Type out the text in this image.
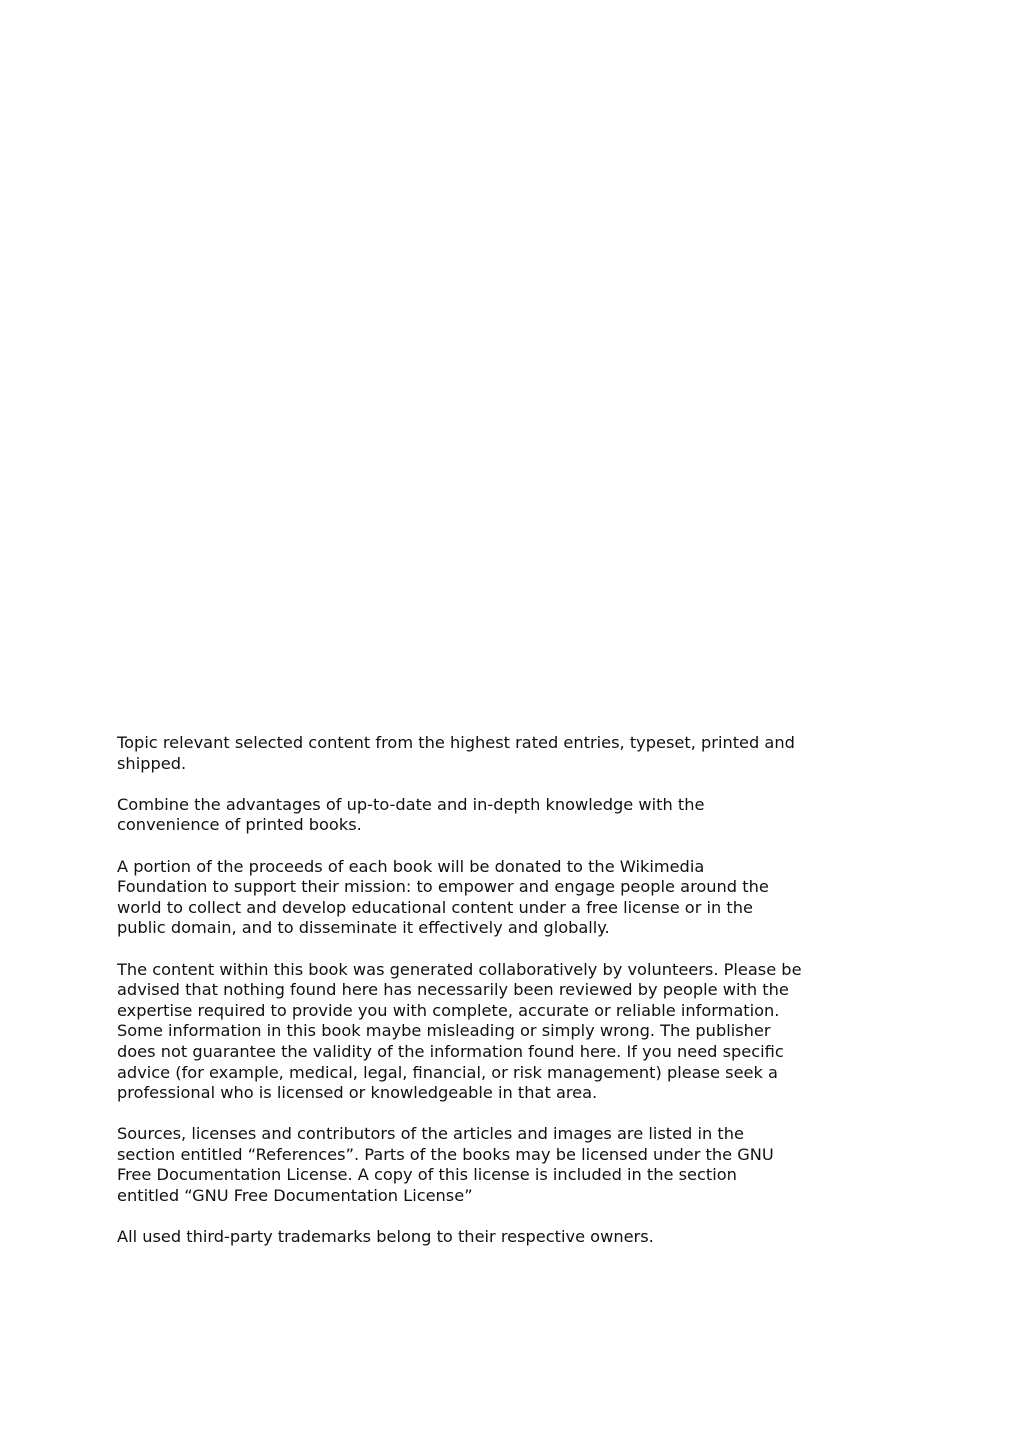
Topic relevant selected content from the highest rated entries, typeset, printed and
shipped.

Combine the advantages of up-to-date and in-depth knowledge with the
convenience of printed books.

A portion of the proceeds of each book will be donated to the Wikimedia
Foundation to support their mission: to empower and engage people around the
world to collect and develop educational content under a free license or in the
public domain, and to disseminate it effectively and globally.

The content within this book was generated collaboratively by volunteers. Please be
advised that nothing found here has necessarily been reviewed by people with the
expertise required to provide you with complete, accurate or reliable information.
Some information in this book maybe misleading or simply wrong. The publisher
does not guarantee the validity of the information found here. If you need specific
advice (for example, medical, legal, financial, or risk management) please seek a
professional who is licensed or knowledgeable in that area.

Sources, licenses and contributors of the articles and images are listed in the
section entitled “References”. Parts of the books may be licensed under the GNU
Free Documentation License. A copy of this license is included in the section
entitled “GNU Free Documentation License”

All used third-party trademarks belong to their respective owners.
